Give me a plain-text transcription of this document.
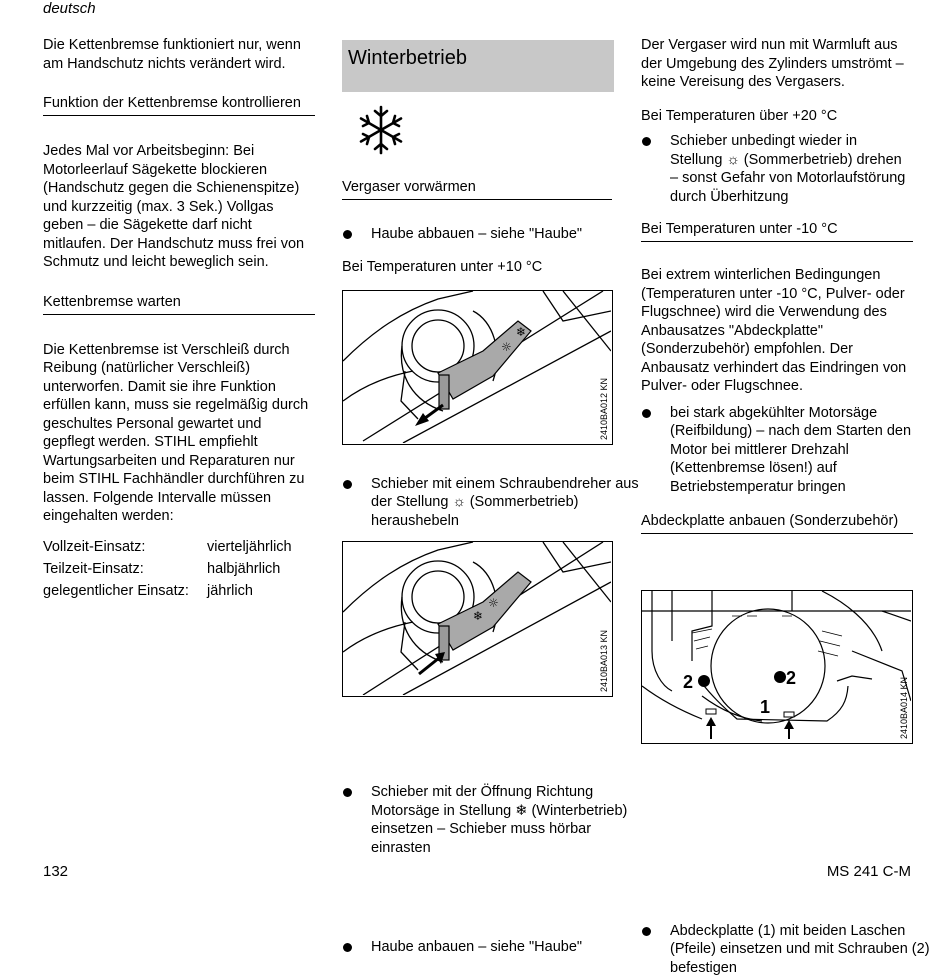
deutsch

Die Kettenbremse funktioniert nur, wenn am Handschutz nichts verändert wird.

Funktion der Kettenbremse kontrollieren

Jedes Mal vor Arbeitsbeginn: Bei Motorleerlauf Sägekette blockieren (Handschutz gegen die Schienenspitze) und kurzzeitig (max. 3 Sek.) Vollgas geben – die Sägekette darf nicht mitlaufen. Der Handschutz muss frei von Schmutz und leicht beweglich sein.

Kettenbremse warten

Die Kettenbremse ist Verschleiß durch Reibung (natürlicher Verschleiß) unterworfen. Damit sie ihre Funktion erfüllen kann, muss sie regelmäßig durch geschultes Personal gewartet und gepflegt werden. STIHL empfiehlt Wartungsarbeiten und Reparaturen nur beim STIHL Fachhändler durchführen zu lassen. Folgende Intervalle müssen eingehalten werden:

Vollzeit-Einsatz:	vierteljährlich
Teilzeit-Einsatz:	halbjährlich
gelegentlicher Einsatz:	jährlich
Winterbetrieb
Vergaser vorwärmen
Haube abbauen – siehe "Haube"
Bei Temperaturen unter +10 °C
☼
❄
2410BA012 KN
Schieber mit einem Schraubendreher aus der Stellung ☼ (Sommerbetrieb) heraushebeln
❄
☼
2410BA013 KN
Schieber mit der Öffnung Richtung Motorsäge in Stellung ❄ (Winterbetrieb) einsetzen – Schieber muss hörbar einrasten
Haube anbauen – siehe "Haube"

Der Vergaser wird nun mit Warmluft aus der Umgebung des Zylinders umströmt – keine Vereisung des Vergasers.

Bei Temperaturen über +20 °C
Schieber unbedingt wieder in Stellung ☼ (Sommerbetrieb) drehen – sonst Gefahr von Motorlaufstörung durch Überhitzung
Bei Temperaturen unter -10 °C

Bei extrem winterlichen Bedingungen (Temperaturen unter -10 °C, Pulver- oder Flugschnee) wird die Verwendung des Anbausatzes "Abdeckplatte" (Sonderzubehör) empfohlen. Der Anbausatz verhindert das Eindringen von Pulver- oder Flugschnee.

bei stark abgekühlter Motorsäge (Reifbildung) – nach dem Starten den Motor bei mittlerer Drehzahl (Kettenbremse lösen!) auf Betriebstemperatur bringen
Abdeckplatte anbauen (Sonderzubehör)
2	2
1	2410BA014 KN
Abdeckplatte (1) mit beiden Laschen (Pfeile) einsetzen und mit Schrauben (2) befestigen
132	MS 241 C-M
